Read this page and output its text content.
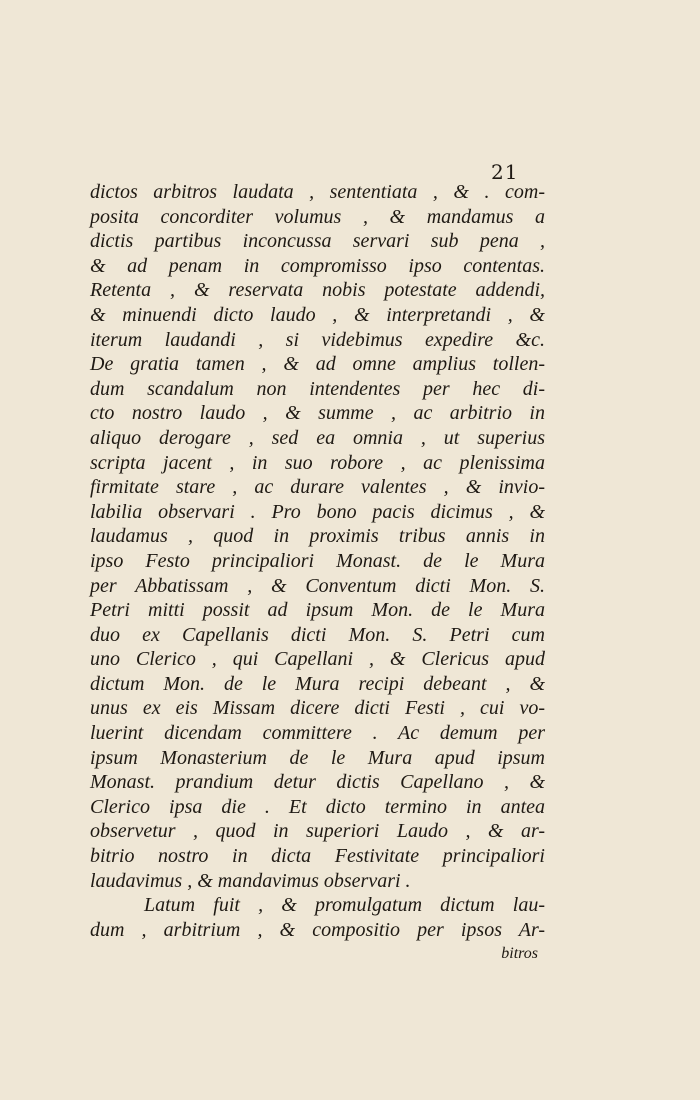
21
dictos arbitros laudata , sententiata , & . com-
posita concorditer volumus , & mandamus a
dictis partibus inconcussa servari sub pena ,
& ad penam in compromisso ipso contentas.
Retenta , & reservata nobis potestate addendi,
& minuendi dicto laudo , & interpretandi , &
iterum laudandi , si videbimus expedire &c.
De gratia tamen , & ad omne amplius tollen-
dum scandalum non intendentes per hec di-
cto nostro laudo , & summe , ac arbitrio in
aliquo derogare , sed ea omnia , ut superius
scripta jacent , in suo robore , ac plenissima
firmitate stare , ac durare valentes , & invio-
labilia observari . Pro bono pacis dicimus , &
laudamus , quod in proximis tribus annis in
ipso Festo principaliori Monast. de le Mura
per Abbatissam , & Conventum dicti Mon. S.
Petri mitti possit ad ipsum Mon. de le Mura
duo ex Capellanis dicti Mon. S. Petri cum
uno Clerico , qui Capellani , & Clericus apud
dictum Mon. de le Mura recipi debeant , &
unus ex eis Missam dicere dicti Festi , cui vo-
luerint dicendam committere . Ac demum per
ipsum Monasterium de le Mura apud ipsum
Monast. prandium detur dictis Capellano , &
Clerico ipsa die . Et dicto termino in antea
observetur , quod in superiori Laudo , & ar-
bitrio nostro in dicta Festivitate principaliori
laudavimus , & mandavimus observari .
Latum fuit , & promulgatum dictum lau-
dum , arbitrium , & compositio per ipsos Ar-
bitros
